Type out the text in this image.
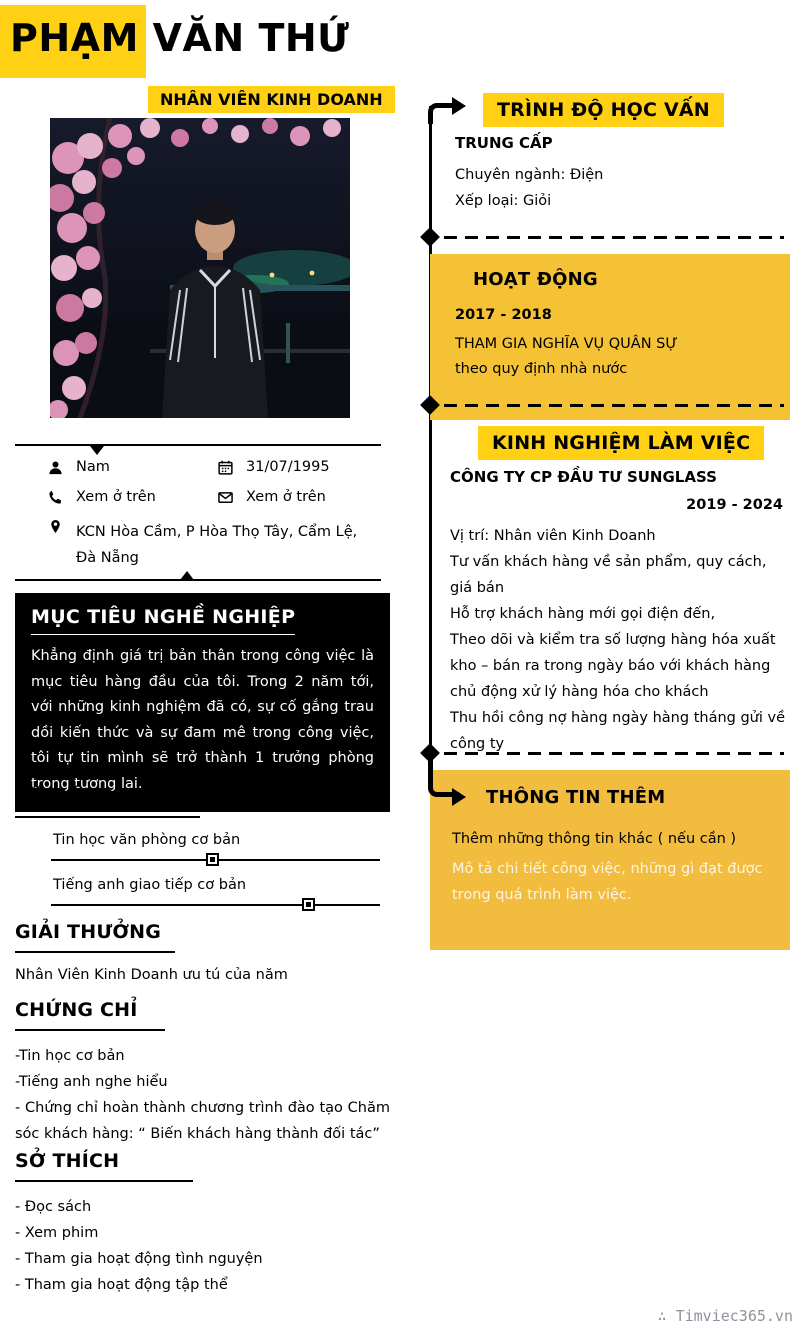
PHẠM VĂN THỨ
NHÂN VIÊN KINH DOANH
Nam	31/07/1995
Xem ở trên	Xem ở trên
KCN Hòa Cầm, P Hòa Thọ Tây, Cẩm Lệ,
Đà Nẵng
MỤC TIÊU NGHỀ NGHIỆP

Khẳng định giá trị bản thân trong công việc là mục tiêu hàng đầu của tôi. Trong 2 năm tới, với những kinh nghiệm đã có, sự cố gắng trau dồi kiến thức và sự đam mê trong công việc, tôi tự tin mình sẽ trở thành 1 trưởng phòng trong tương lai.

KỸ NĂNG

Tin học văn phòng cơ bản

Tiếng anh giao tiếp cơ bản

GIẢI THƯỞNG

Nhân Viên Kinh Doanh ưu tú của năm

CHỨNG CHỈ

-Tin học cơ bản

-Tiếng anh nghe hiểu

- Chứng chỉ hoàn thành chương trình đào tạo Chăm sóc khách hàng: “ Biến khách hàng thành đối tác”

SỞ THÍCH

- Đọc sách

- Xem phim

- Tham gia hoạt động tình nguyện

- Tham gia hoạt động tập thể

TRÌNH ĐỘ HỌC VẤN
TRUNG CẤP
Chuyên ngành: Điện
Xếp loại: Giỏi
HOẠT ĐỘNG

2017 - 2018

THAM GIA NGHĨA VỤ QUÂN SỰ

theo quy định nhà nước

KINH NGHIỆM LÀM VIỆC
CÔNG TY CP ĐẦU TƯ SUNGLASS
2019 - 2024

Vị trí: Nhân viên Kinh Doanh

Tư vấn khách hàng về sản phẩm, quy cách, giá bán

Hỗ trợ khách hàng mới gọi điện đến,

Theo dõi và kiểm tra số lượng hàng hóa xuất kho – bán ra trong ngày báo với khách hàng chủ động xử lý hàng hóa cho khách

Thu hồi công nợ hàng ngày hàng tháng gửi về công ty

THÔNG TIN THÊM

Thêm những thông tin khác ( nếu cần )

Mô tả chi tiết công việc, những gì đạt được trong quá trình làm việc.

∴ Timviec365.vn
